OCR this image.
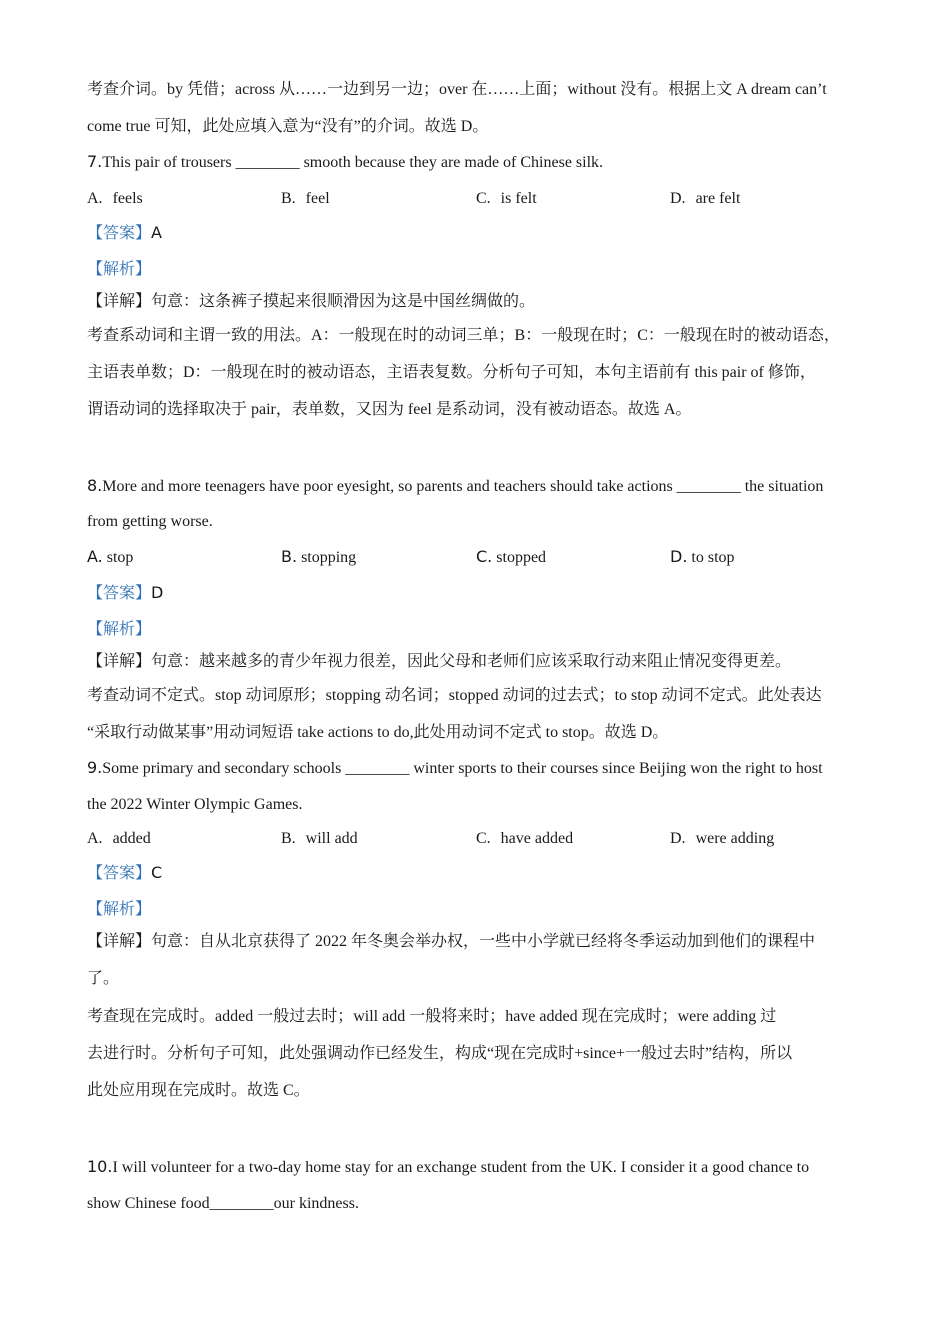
考查介词。by 凭借；across 从……一边到另一边；over 在……上面；without 没有。根据上文 A dream can’t
come true 可知，此处应填入意为“没有”的介词。故选 D。
7.This pair of trousers ________ smooth because they are made of Chinese silk.
A. feels	B. feel	C. is felt	D. are felt
【答案】A
【解析】
【详解】句意：这条裤子摸起来很顺滑因为这是中国丝绸做的。
考查系动词和主谓一致的用法。A：一般现在时的动词三单；B：一般现在时；C：一般现在时的被动语态，
主语表单数；D：一般现在时的被动语态，主语表复数。分析句子可知，本句主语前有 this pair of 修饰，
谓语动词的选择取决于 pair，表单数，又因为 feel 是系动词，没有被动语态。故选 A。
8.More and more teenagers have poor eyesight, so parents and teachers should take actions ________ the situation
from getting worse.
A. stop	B. stopping	C. stopped	D. to stop
【答案】D
【解析】
【详解】句意：越来越多的青少年视力很差，因此父母和老师们应该采取行动来阻止情况变得更差。
考查动词不定式。stop 动词原形；stopping 动名词；stopped 动词的过去式；to stop 动词不定式。此处表达
“采取行动做某事”用动词短语 take actions to do,此处用动词不定式 to stop。故选 D。
9.Some primary and secondary schools ________ winter sports to their courses since Beijing won the right to host
the 2022 Winter Olympic Games.
A. added	B. will add	C. have added	D. were adding
【答案】C
【解析】
【详解】句意：自从北京获得了 2022 年冬奥会举办权，一些中小学就已经将冬季运动加到他们的课程中
了。
考查现在完成时。added 一般过去时；will add 一般将来时；have added 现在完成时；were adding 过
去进行时。分析句子可知，此处强调动作已经发生，构成“现在完成时+since+一般过去时”结构，所以
此处应用现在完成时。故选 C。
10.I will volunteer for a two-day home stay for an exchange student from the UK. I consider it a good chance to
show Chinese food________our kindness.
